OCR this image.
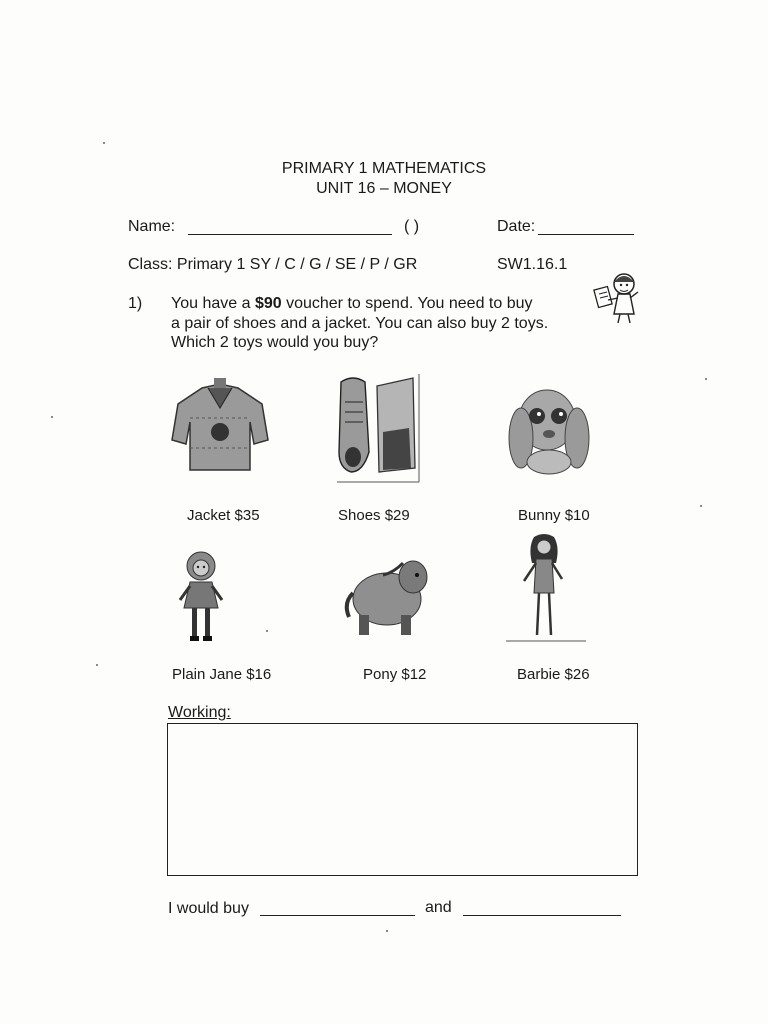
PRIMARY 1 MATHEMATICS
UNIT 16 – MONEY
Name:	( )	Date:
Class: Primary 1 SY / C / G / SE / P / GR	SW1.16.1
1) You have a $90 voucher to spend. You need to buy
a pair of shoes and a jacket. You can also buy 2 toys.
Which 2 toys would you buy?
Jacket $35	Shoes $29	Bunny $10
Plain Jane $16	Pony $12	Barbie $26
Working:
I would buy	and
